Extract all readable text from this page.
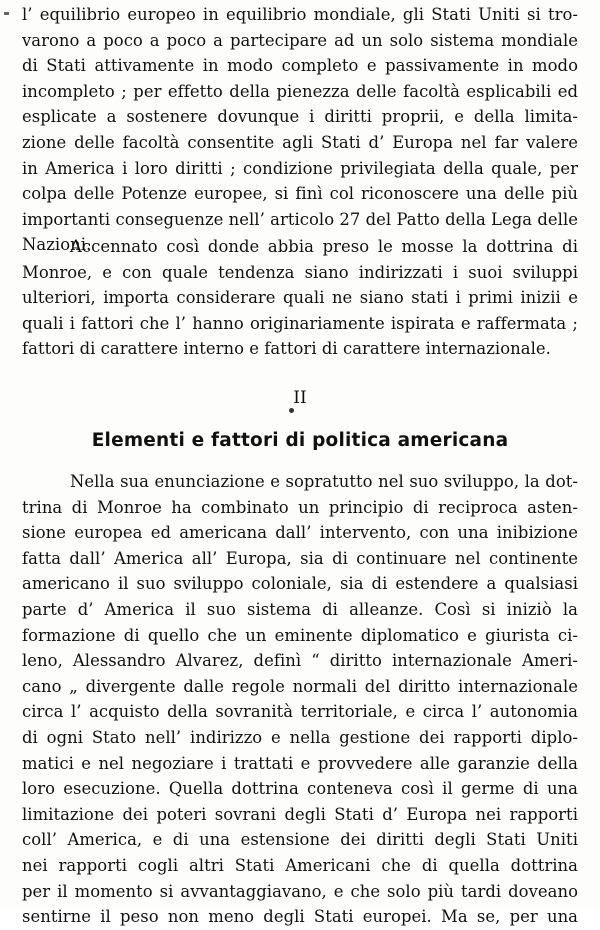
l’ equilibrio europeo in equilibrio mondiale, gli Stati Uniti si tro-
varono a poco a poco a partecipare ad un solo sistema mondiale
di Stati attivamente in modo completo e passivamente in modo
incompleto ; per effetto della pienezza delle facoltà esplicabili ed
esplicate a sostenere dovunque i diritti proprii, e della limita-
zione delle facoltà consentite agli Stati d’ Europa nel far valere
in America i loro diritti ; condizione privilegiata della quale, per
colpa delle Potenze europee, si finì col riconoscere una delle più
importanti conseguenze nell’ articolo 27 del Patto della Lega delle
Nazioni.
Accennato così donde abbia preso le mosse la dottrina di
Monroe, e con quale tendenza siano indirizzati i suoi sviluppi
ulteriori, importa considerare quali ne siano stati i primi inizii e
quali i fattori che l’ hanno originariamente ispirata e raffermata ;
fattori di carattere interno e fattori di carattere internazionale.
II
Elementi e fattori di politica americana
Nella sua enunciazione e sopratutto nel suo sviluppo, la dot-
trina di Monroe ha combinato un principio di reciproca asten-
sione europea ed americana dall’ intervento, con una inibizione
fatta dall’ America all’ Europa, sia di continuare nel continente
americano il suo sviluppo coloniale, sia di estendere a qualsiasi
parte d’ America il suo sistema di alleanze. Così si iniziò la
formazione di quello che un eminente diplomatico e giurista ci-
leno, Alessandro Alvarez, definì “ diritto internazionale Ameri-
cano „ divergente dalle regole normali del diritto internazionale
circa l’ acquisto della sovranità territoriale, e circa l’ autonomia
di ogni Stato nell’ indirizzo e nella gestione dei rapporti diplo-
matici e nel negoziare i trattati e provvedere alle garanzie della
loro esecuzione. Quella dottrina conteneva così il germe di una
limitazione dei poteri sovrani degli Stati d’ Europa nei rapporti
coll’ America, e di una estensione dei diritti degli Stati Uniti
nei rapporti cogli altri Stati Americani che di quella dottrina
per il momento si avvantaggiavano, e che solo più tardi doveano
sentirne il peso non meno degli Stati europei. Ma se, per una
